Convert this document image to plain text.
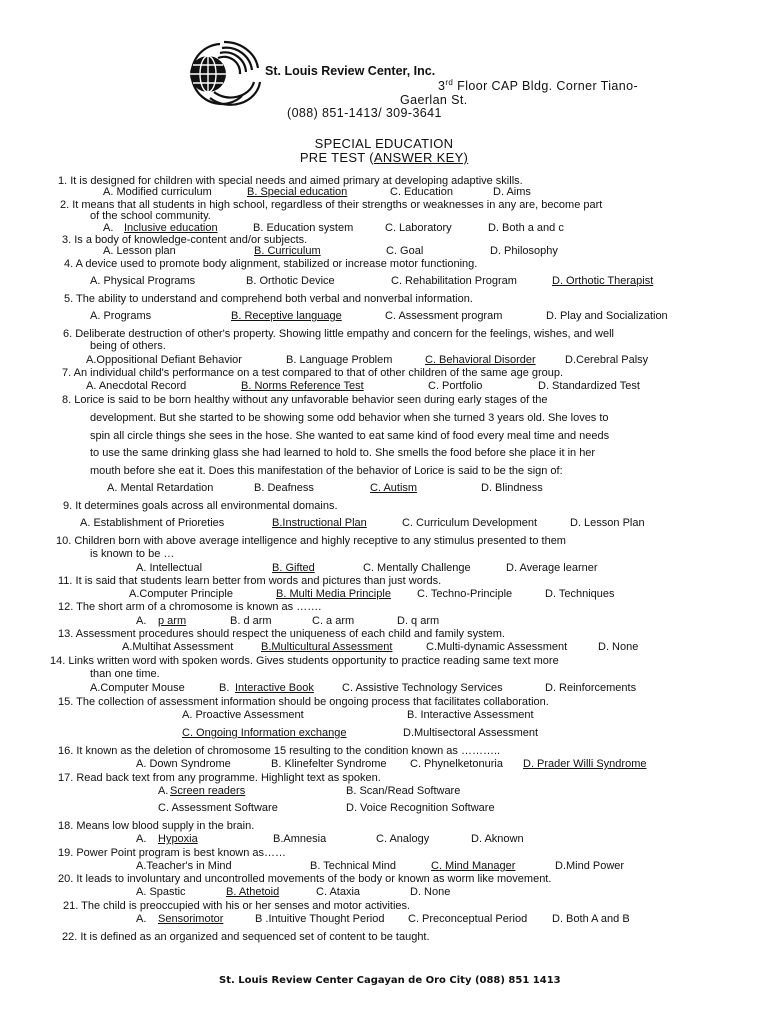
St. Louis Review Center, Inc.
3rd Floor CAP Bldg. Corner Tiano-
Gaerlan St.
(088) 851-1413/ 309-3641
SPECIAL EDUCATION
PRE TEST (ANSWER KEY)
1. It is designed for children with special needs and aimed primary at developing adaptive skills.
A. Modified curriculum	B. Special education	C. Education	D. Aims
2. It means that all students in high school, regardless of their strengths or weaknesses in any are, become part
of the school community.
A. Inclusive education	B. Education system	C. Laboratory	D. Both a and c
3. Is a body of knowledge-content and/or subjects.
A. Lesson plan	B. Curriculum	C. Goal	D. Philosophy
4. A device used to promote body alignment, stabilized or increase motor functioning.
A. Physical Programs	B. Orthotic Device	C. Rehabilitation Program	D. Orthotic Therapist
5. The ability to understand and comprehend both verbal and nonverbal information.
A. Programs	B. Receptive language	C. Assessment program	D. Play and Socialization
6. Deliberate destruction of other's property. Showing little empathy and concern for the feelings, wishes, and well
being of others.
A.Oppositional Defiant Behavior	B. Language Problem	C. Behavioral Disorder	D.Cerebral Palsy
7. An individual child's performance on a test compared to that of other children of the same age group.
A. Anecdotal Record	B. Norms Reference Test	C. Portfolio	D. Standardized Test
8. Lorice is said to be born healthy without any unfavorable behavior seen during early stages of the
development. But she started to be showing some odd behavior when she turned 3 years old. She loves to
spin all circle things she sees in the hose. She wanted to eat same kind of food every meal time and needs
to use the same drinking glass she had learned to hold to. She smells the food before she place it in her
mouth before she eat it. Does this manifestation of the behavior of Lorice is said to be the sign of:
A. Mental Retardation	B. Deafness	C. Autism	D. Blindness
9. It determines goals across all environmental domains.
A. Establishment of Prioreties	B.Instructional Plan	C. Curriculum Development	D. Lesson Plan
10. Children born with above average intelligence and highly receptive to any stimulus presented to them
is known to be …
A. Intellectual	B. Gifted	C. Mentally Challenge	D. Average learner
11. It is said that students learn better from words and pictures than just words.
A.Computer Principle	B. Multi Media Principle C. Techno-Principle	D. Techniques
12. The short arm of a chromosome is known as …….
A. p arm	B. d arm	C. a arm	D. q arm
13. Assessment procedures should respect the uniqueness of each child and family system.
A.Multihat Assessment	B.Multicultural Assessment	C.Multi-dynamic Assessment	D. None
14. Links written word with spoken words. Gives students opportunity to practice reading same text more
than one time.
A.Computer Mouse	B. Interactive Book	C. Assistive Technology Services	D. Reinforcements
15. The collection of assessment information should be ongoing process that facilitates collaboration.
A. Proactive Assessment	B. Interactive Assessment
C. Ongoing Information exchange	D.Multisectoral Assessment
16. It known as the deletion of chromosome 15 resulting to the condition known as ………..
A. Down Syndrome	B. Klinefelter Syndrome C. Phynelketonuria D. Prader Willi Syndrome
17. Read back text from any programme. Highlight text as spoken.
A. Screen readers	B. Scan/Read Software
C. Assessment Software	D. Voice Recognition Software
18. Means low blood supply in the brain.
A. Hypoxia	B.Amnesia	C. Analogy	D. Aknown
19. Power Point program is best known as……
A.Teacher's in Mind	B. Technical Mind	C. Mind Manager	D.Mind Power
20. It leads to involuntary and uncontrolled movements of the body or known as worm like movement.
A. Spastic	B. Athetoid	C. Ataxia	D. None
21. The child is preoccupied with his or her senses and motor activities.
A. Sensorimotor	B .Intuitive Thought Period C. Preconceptual Period D. Both A and B
22. It is defined as an organized and sequenced set of content to be taught.
St. Louis Review Center Cagayan de Oro City (088) 851 1413
